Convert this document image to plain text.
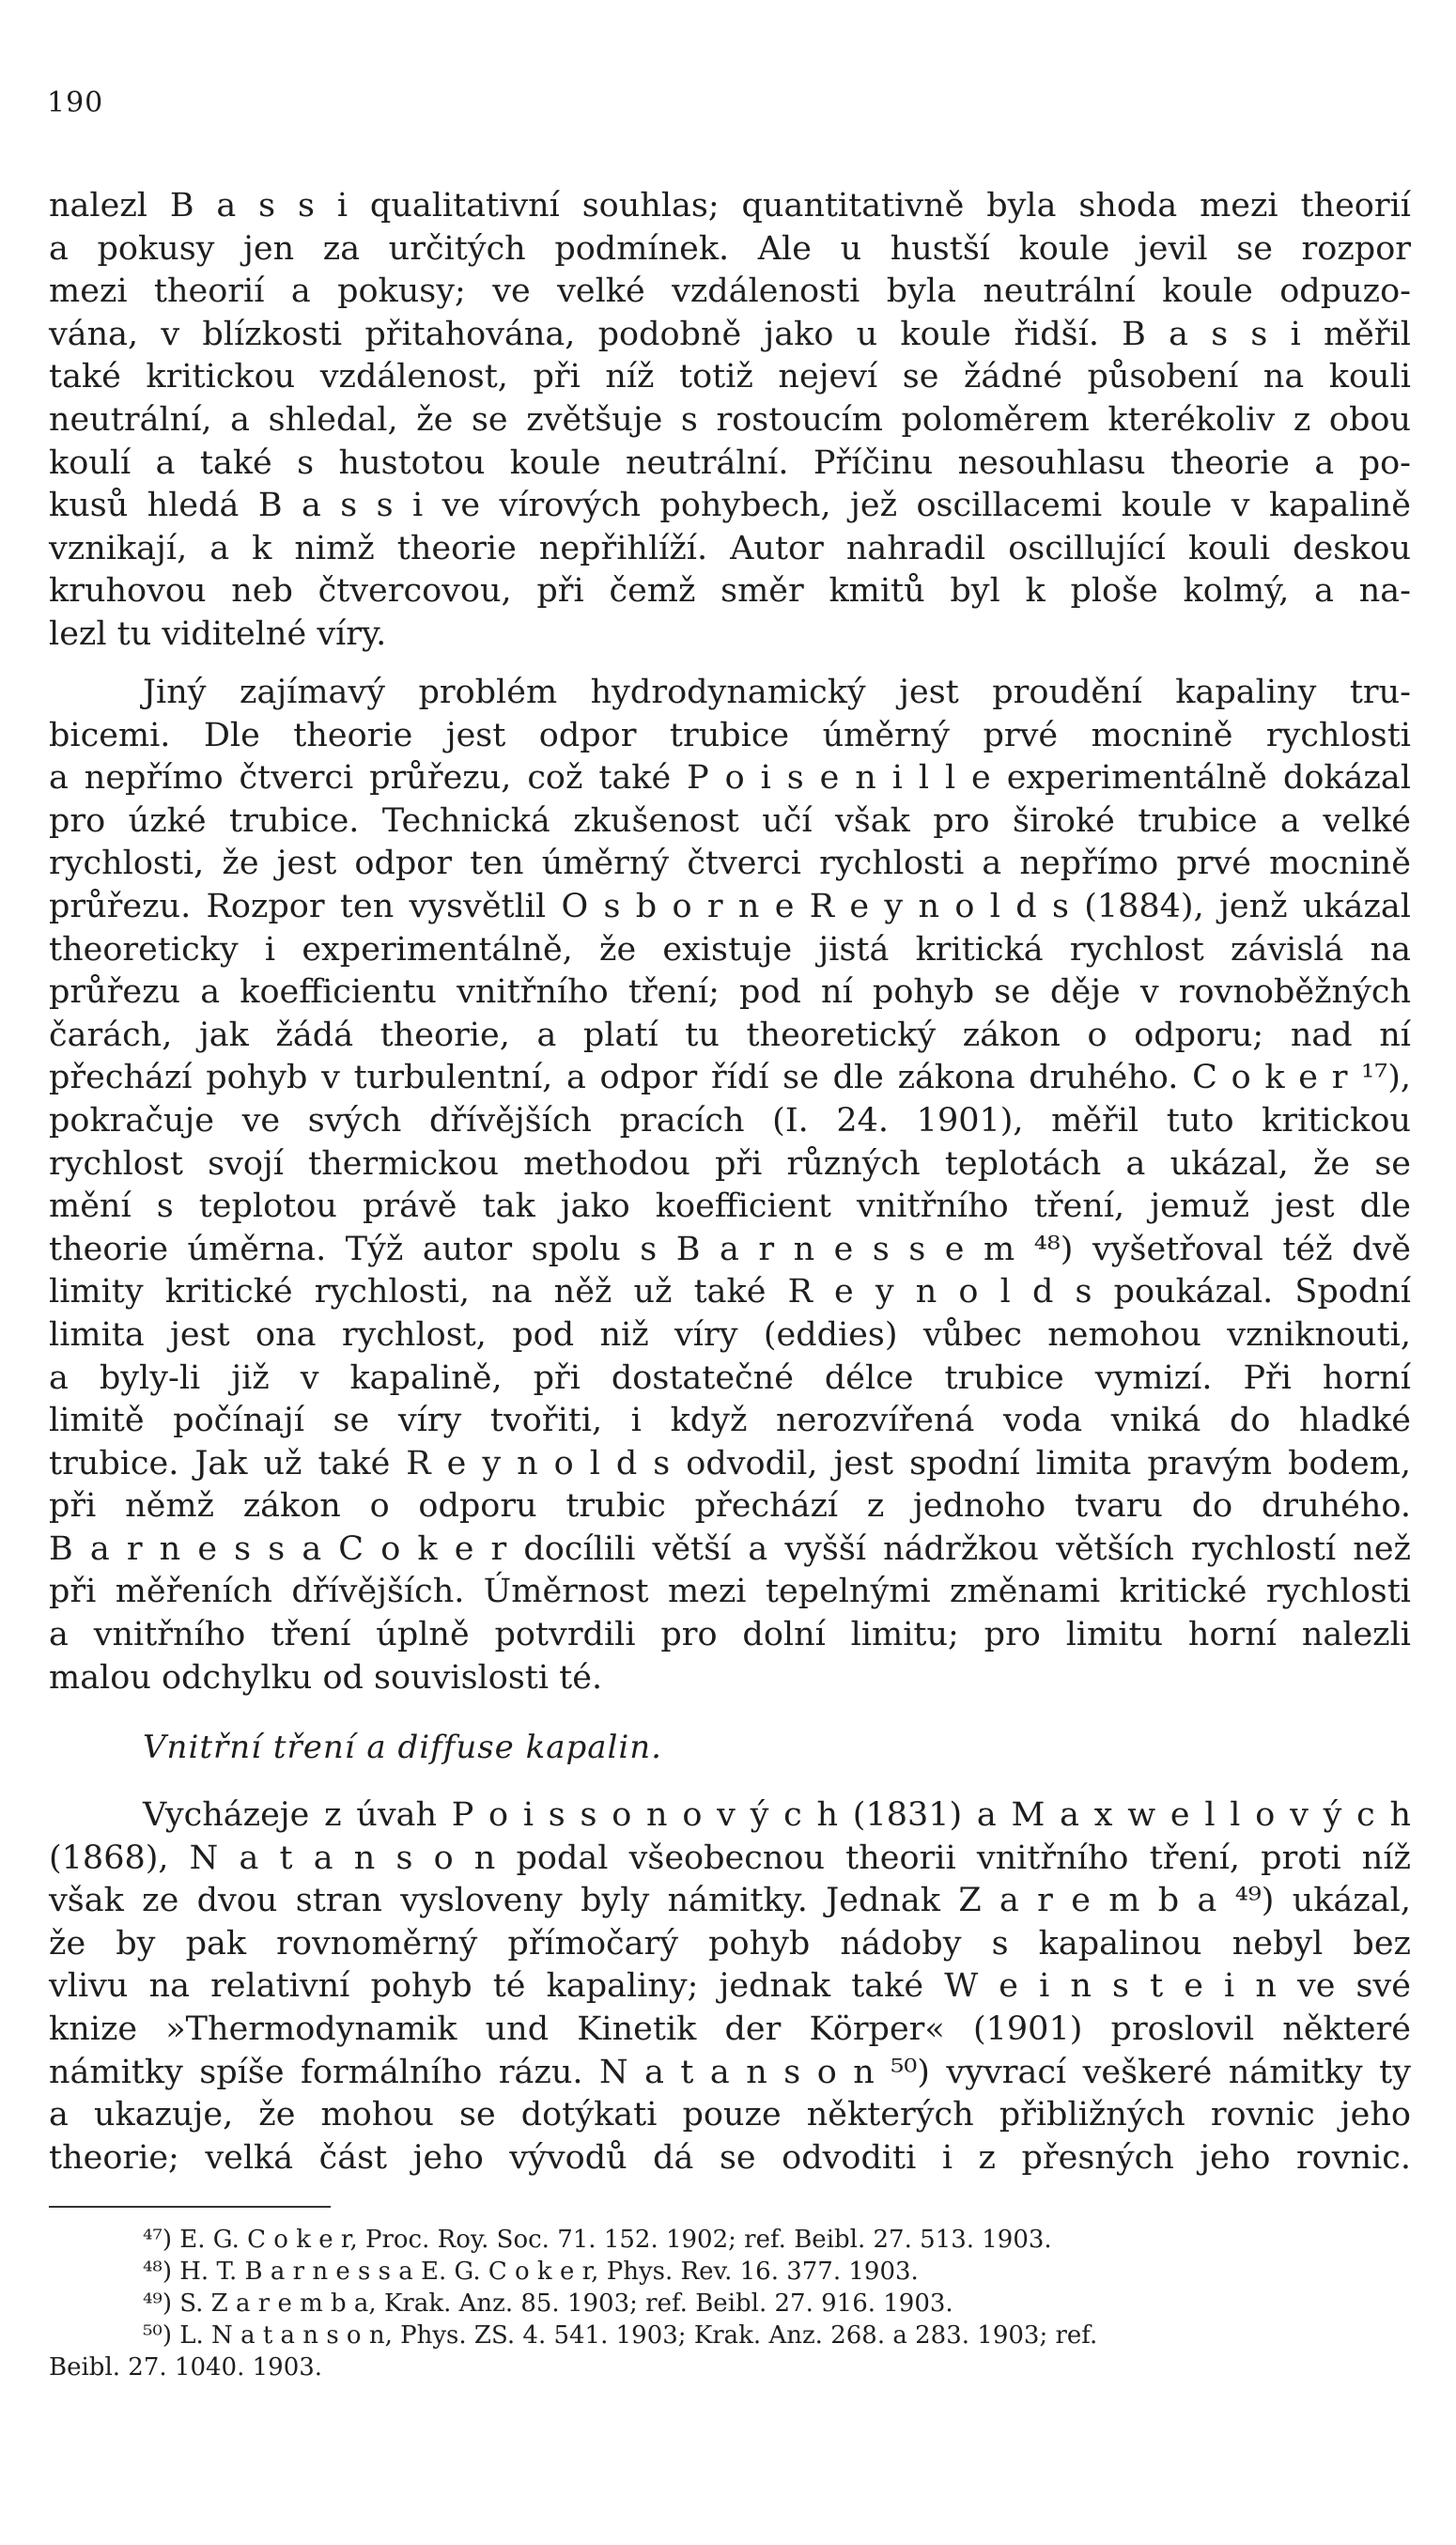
190
nalezl B a s s i qualitativní souhlas; quantitativně byla shoda mezi theorií
a pokusy jen za určitých podmínek. Ale u hustší koule jevil se rozpor
mezi theorií a pokusy; ve velké vzdálenosti byla neutrální koule odpuzo-
vána, v blízkosti přitahována, podobně jako u koule řidší. B a s s i měřil
také kritickou vzdálenost, při níž totiž nejeví se žádné působení na kouli
neutrální, a shledal, že se zvětšuje s rostoucím poloměrem kterékoliv z obou
koulí a také s hustotou koule neutrální. Příčinu nesouhlasu theorie a po-
kusů hledá B a s s i ve vírových pohybech, jež oscillacemi koule v kapalině
vznikají, a k nimž theorie nepřihlíží. Autor nahradil oscillující kouli deskou
kruhovou neb čtvercovou, při čemž směr kmitů byl k ploše kolmý, a na-
lezl tu viditelné víry.
Jiný zajímavý problém hydrodynamický jest proudění kapaliny tru-
bicemi. Dle theorie jest odpor trubice úměrný prvé mocnině rychlosti
a nepřímo čtverci průřezu, což také P o i s e n i l l e experimentálně dokázal
pro úzké trubice. Technická zkušenost učí však pro široké trubice a velké
rychlosti, že jest odpor ten úměrný čtverci rychlosti a nepřímo prvé mocnině
průřezu. Rozpor ten vysvětlil O s b o r n e R e y n o l d s (1884), jenž ukázal
theoreticky i experimentálně, že existuje jistá kritická rychlost závislá na
průřezu a koefficientu vnitřního tření; pod ní pohyb se děje v rovnoběžných
čarách, jak žádá theorie, a platí tu theoretický zákon o odporu; nad ní
přechází pohyb v turbulentní, a odpor řídí se dle zákona druhého. C o k e r ¹⁷),
pokračuje ve svých dřívějších pracích (I. 24. 1901), měřil tuto kritickou
rychlost svojí thermickou methodou při různých teplotách a ukázal, že se
mění s teplotou právě tak jako koefficient vnitřního tření, jemuž jest dle
theorie úměrna. Týž autor spolu s B a r n e s s e m ⁴⁸) vyšetřoval též dvě
limity kritické rychlosti, na něž už také R e y n o l d s poukázal. Spodní
limita jest ona rychlost, pod niž víry (eddies) vůbec nemohou vzniknouti,
a byly-li již v kapalině, při dostatečné délce trubice vymizí. Při horní
limitě počínají se víry tvořiti, i když nerozvířená voda vniká do hladké
trubice. Jak už také R e y n o l d s odvodil, jest spodní limita pravým bodem,
při němž zákon o odporu trubic přechází z jednoho tvaru do druhého.
B a r n e s s a C o k e r docílili větší a vyšší nádržkou větších rychlostí než
při měřeních dřívějších. Úměrnost mezi tepelnými změnami kritické rychlosti
a vnitřního tření úplně potvrdili pro dolní limitu; pro limitu horní nalezli
malou odchylku od souvislosti té.
Vnitřní tření a diffuse kapalin.
Vycházeje z úvah P o i s s o n o v ý c h (1831) a M a x w e l l o v ý c h
(1868), N a t a n s o n podal všeobecnou theorii vnitřního tření, proti níž
však ze dvou stran vysloveny byly námitky. Jednak Z a r e m b a ⁴⁹) ukázal,
že by pak rovnoměrný přímočarý pohyb nádoby s kapalinou nebyl bez
vlivu na relativní pohyb té kapaliny; jednak také W e i n s t e i n ve své
knize »Thermodynamik und Kinetik der Körper« (1901) proslovil některé
námitky spíše formálního rázu. N a t a n s o n ⁵⁰) vyvrací veškeré námitky ty
a ukazuje, že mohou se dotýkati pouze některých přibližných rovnic jeho
theorie; velká část jeho vývodů dá se odvoditi i z přesných jeho rovnic.
⁴⁷) E. G. C o k e r, Proc. Roy. Soc. 71. 152. 1902; ref. Beibl. 27. 513. 1903.
⁴⁸) H. T. B a r n e s s a E. G. C o k e r, Phys. Rev. 16. 377. 1903.
⁴⁹) S. Z a r e m b a, Krak. Anz. 85. 1903; ref. Beibl. 27. 916. 1903.
⁵⁰) L. N a t a n s o n, Phys. ZS. 4. 541. 1903; Krak. Anz. 268. a 283. 1903; ref.
Beibl. 27. 1040. 1903.
